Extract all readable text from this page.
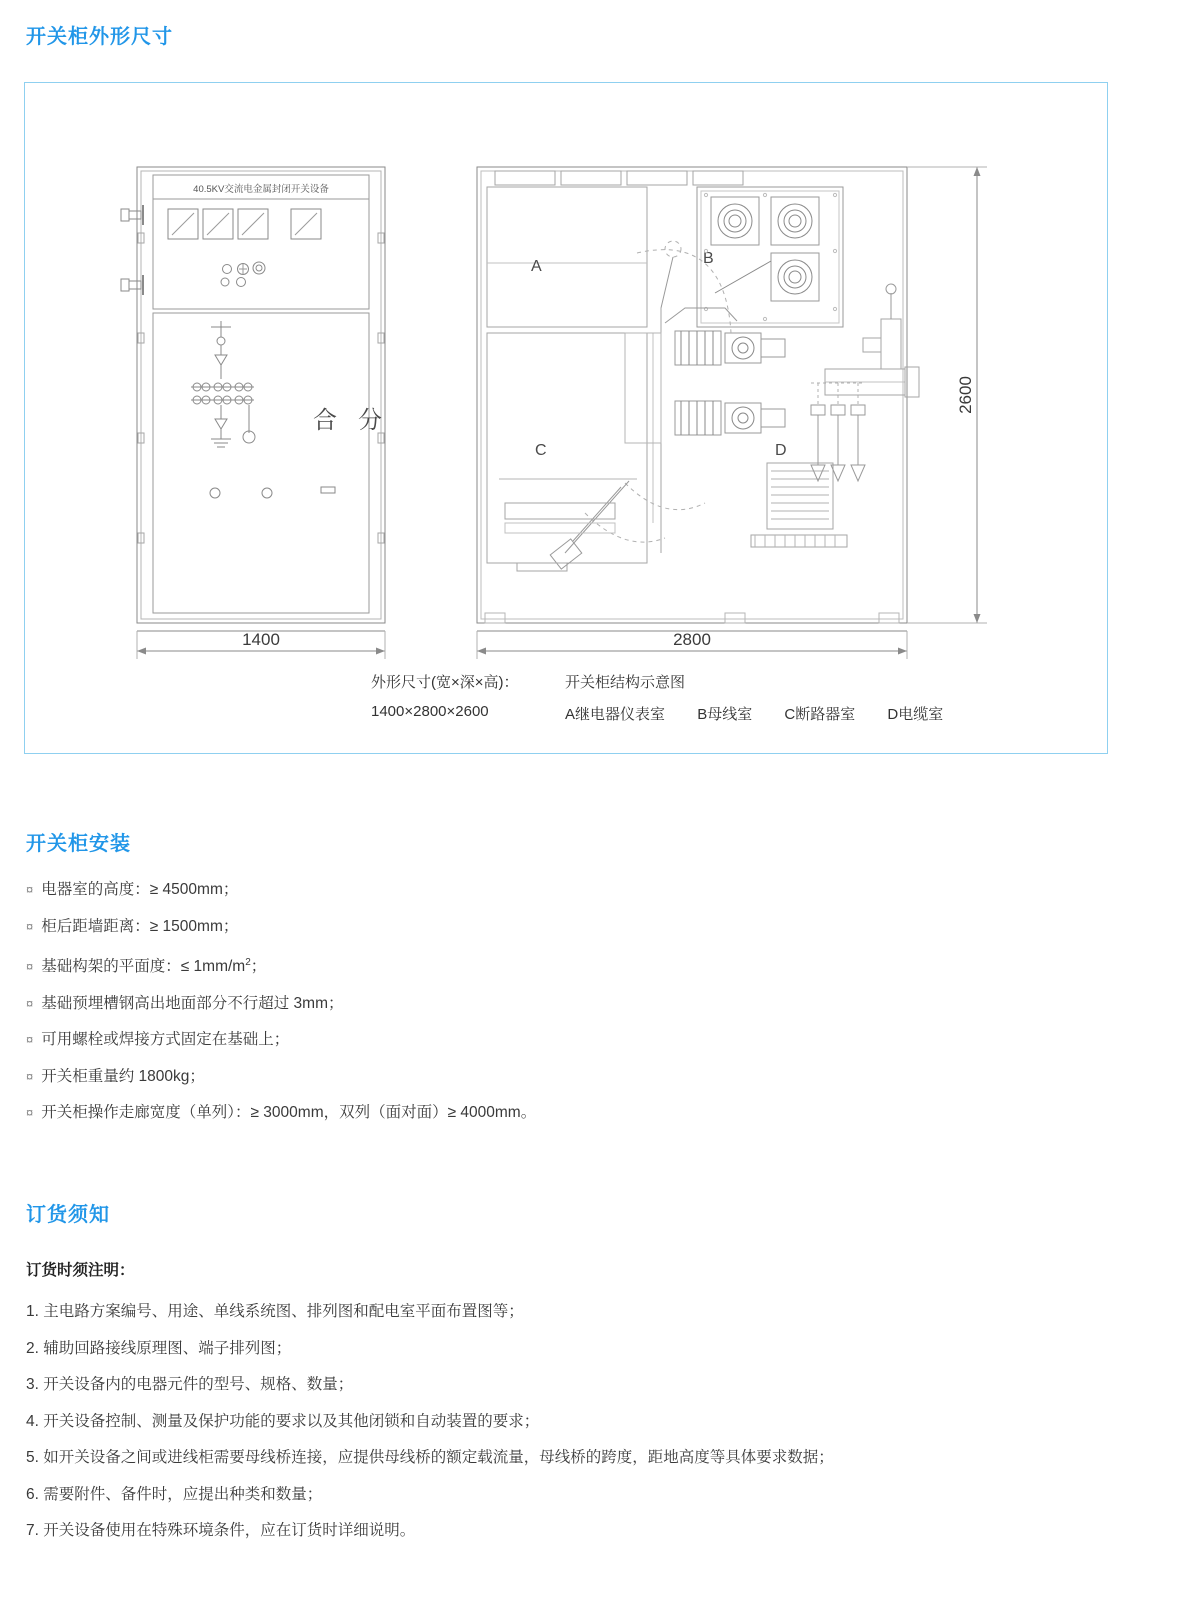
开关柜外形尺寸
40.5KV交流电金属封闭开关设备
合 分
1400
A
C
B
D
2800
2600
外形尺寸(宽×深×高)：
1400×2800×2600
开关柜结构示意图
A继电器仪表室 B母线室 C断路器室 D电缆室
开关柜安装
¤ 电器室的高度：≥ 4500mm；
¤ 柜后距墙距离：≥ 1500mm；
¤ 基础构架的平面度：≤ $1mm/m^2$；
¤ 基础预埋槽钢高出地面部分不行超过 3mm；
¤ 可用螺栓或焊接方式固定在基础上；
¤ 开关柜重量约 1800kg；
¤ 开关柜操作走廊宽度（单列）：≥ 3000mm，双列（面对面）≥ 4000mm。
订货须知
订货时须注明：
1. 主电路方案编号、用途、单线系统图、排列图和配电室平面布置图等；
2. 辅助回路接线原理图、端子排列图；
3. 开关设备内的电器元件的型号、规格、数量；
4. 开关设备控制、测量及保护功能的要求以及其他闭锁和自动装置的要求；
5. 如开关设备之间或进线柜需要母线桥连接，应提供母线桥的额定载流量，母线桥的跨度，距地高度等具体要求数据；
6. 需要附件、备件时，应提出种类和数量；
7. 开关设备使用在特殊环境条件，应在订货时详细说明。
